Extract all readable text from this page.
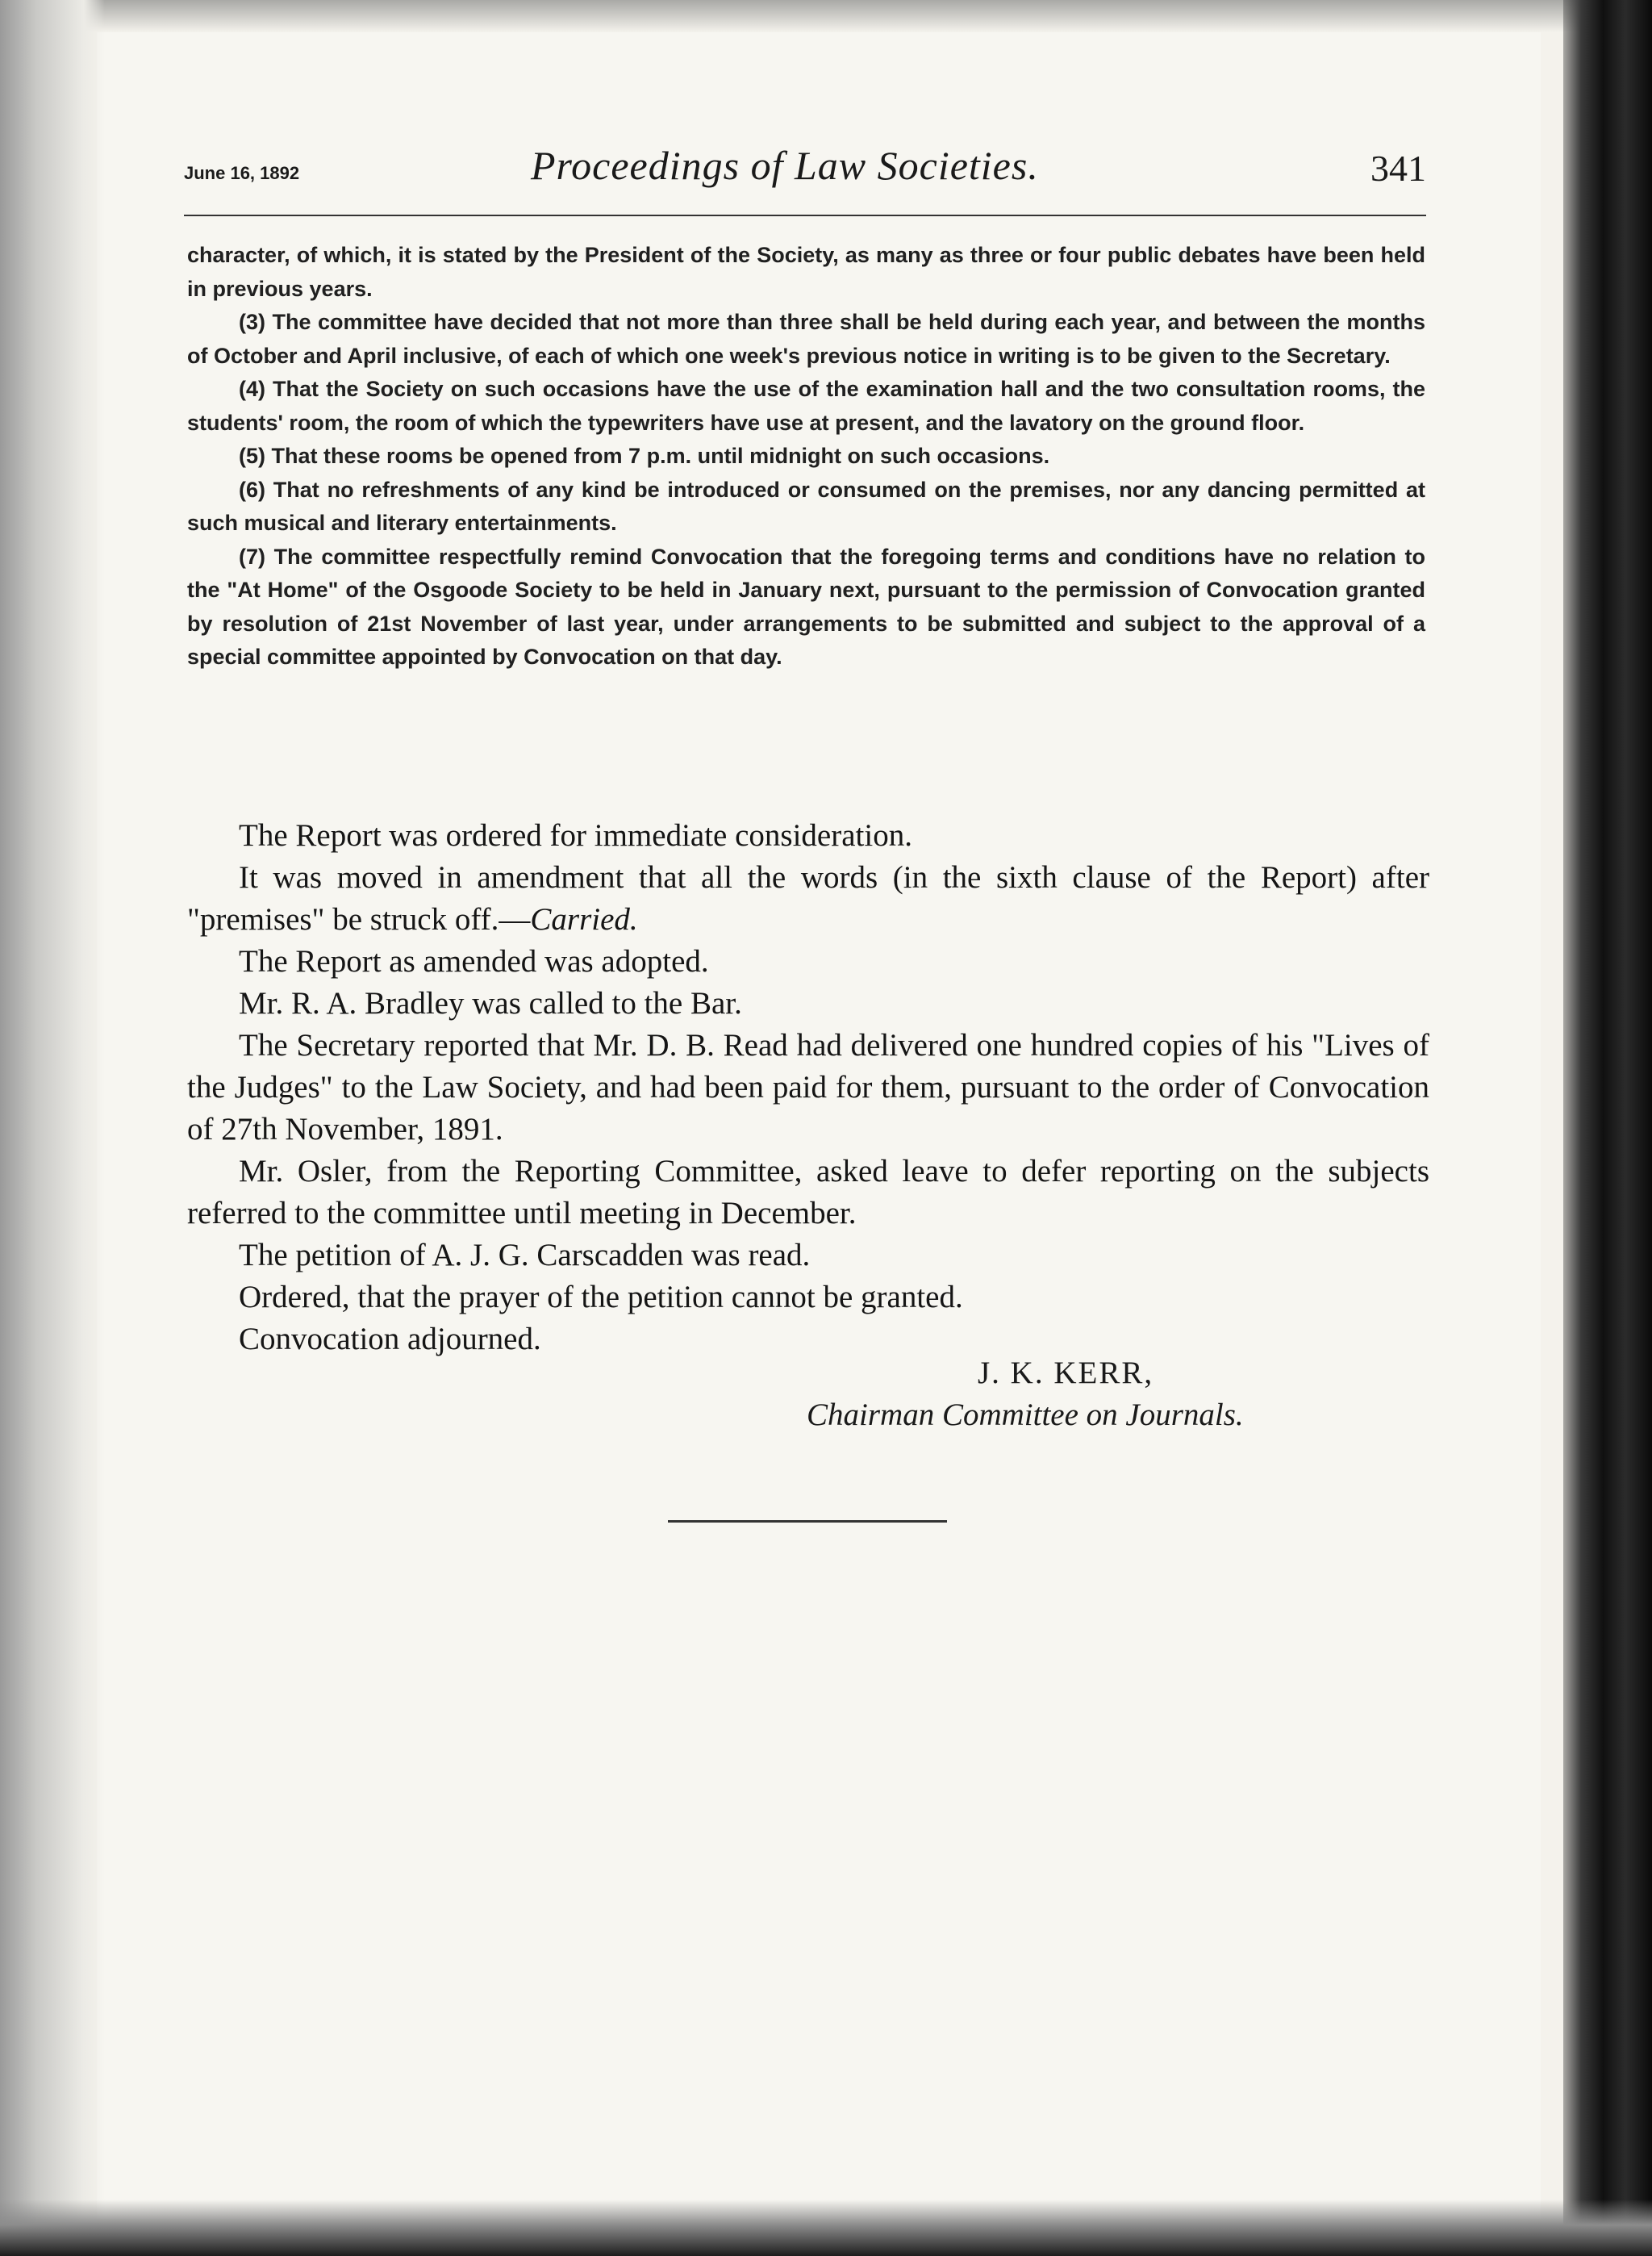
June 16, 1892	Proceedings of Law Societies.	341

character, of which, it is stated by the President of the Society, as many as three or four public debates have been held in previous years.

(3) The committee have decided that not more than three shall be held during each year, and between the months of October and April inclusive, of each of which one week's previous notice in writing is to be given to the Secretary.

(4) That the Society on such occasions have the use of the examination hall and the two consultation rooms, the students' room, the room of which the typewriters have use at present, and the lavatory on the ground floor.

(5) That these rooms be opened from 7 p.m. until midnight on such occasions.

(6) That no refreshments of any kind be introduced or consumed on the premises, nor any dancing permitted at such musical and literary entertainments.

(7) The committee respectfully remind Convocation that the foregoing terms and conditions have no relation to the "At Home" of the Osgoode Society to be held in January next, pursuant to the permission of Convocation granted by resolution of 21st November of last year, under arrangements to be submitted and subject to the approval of a special committee appointed by Convocation on that day.

The Report was ordered for immediate consideration.

It was moved in amendment that all the words (in the sixth clause of the Report) after "premises" be struck off.—Carried.

The Report as amended was adopted.

Mr. R. A. Bradley was called to the Bar.

The Secretary reported that Mr. D. B. Read had delivered one hundred copies of his "Lives of the Judges" to the Law Society, and had been paid for them, pursuant to the order of Convocation of 27th November, 1891.

Mr. Osler, from the Reporting Committee, asked leave to defer reporting on the subjects referred to the committee until meeting in December.

The petition of A. J. G. Carscadden was read.

Ordered, that the prayer of the petition cannot be granted.

Convocation adjourned.

J. K. KERR,
Chairman Committee on Journals.
